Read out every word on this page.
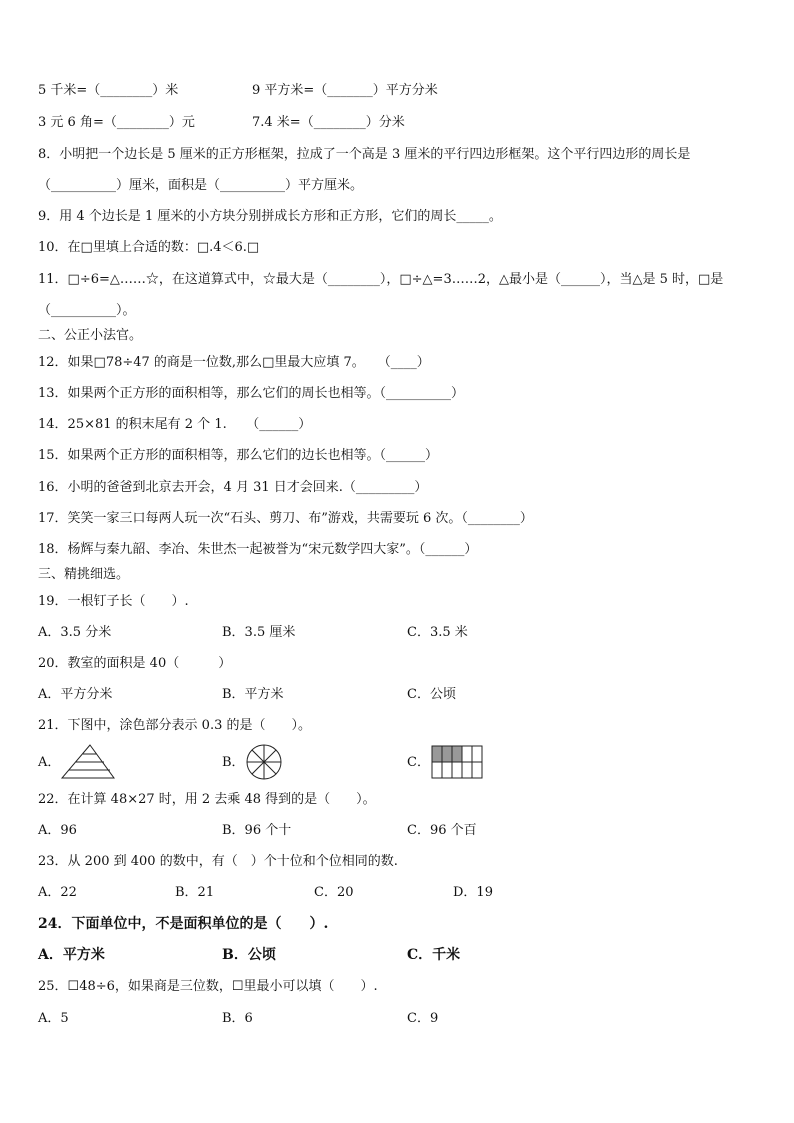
5 千米=（________）米	9 平方米=（_______）平方分米
3 元 6 角=（________）元	7.4 米=（________）分米
8．小明把一个边长是 5 厘米的正方形框架，拉成了一个高是 3 厘米的平行四边形框架。这个平行四边形的周长是
（__________）厘米，面积是（__________）平方厘米。
9．用 4 个边长是 1 厘米的小方块分别拼成长方形和正方形，它们的周长_____。
10．在□里填上合适的数：□.4＜6.□
11．□÷6=△……☆，在这道算式中，☆最大是（________），□÷△=3……2，△最小是（______），当△是 5 时，□是
（__________）。
二、公正小法官。
12．如果□78÷47 的商是一位数,那么□里最大应填 7。　　（____）
13．如果两个正方形的面积相等，那么它们的周长也相等。（__________）
14．25×81 的积末尾有 2 个 1.　　（______）
15．如果两个正方形的面积相等，那么它们的边长也相等。（______）
16．小明的爸爸到北京去开会，4 月 31 日才会回来.（_________）
17．笑笑一家三口每两人玩一次“石头、剪刀、布”游戏，共需要玩 6 次。（________）
18．杨辉与秦九韶、李冶、朱世杰一起被誉为“宋元数学四大家”。（______）
三、精挑细选。
19．一根钉子长（　　）.
A．3.5 分米	B．3.5 厘米	C．3.5 米
20．教室的面积是 40（　　　）
A．平方分米	B．平方米	C．公顷
21．下图中，涂色部分表示 0.3 的是（　　）。
A．	B．	C．
22．在计算 48×27 时，用 2 去乘 48 得到的是（　　）。
A．96	B．96 个十	C．96 个百
23．从 200 到 400 的数中，有（　）个十位和个位相同的数.
A．22	B．21	C．20	D．19
24．下面单位中，不是面积单位的是（　　）.
A．平方米	B．公顷	C．千米
25．☐48÷6，如果商是三位数，☐里最小可以填（　　）.
A．5	B．6	C．9
